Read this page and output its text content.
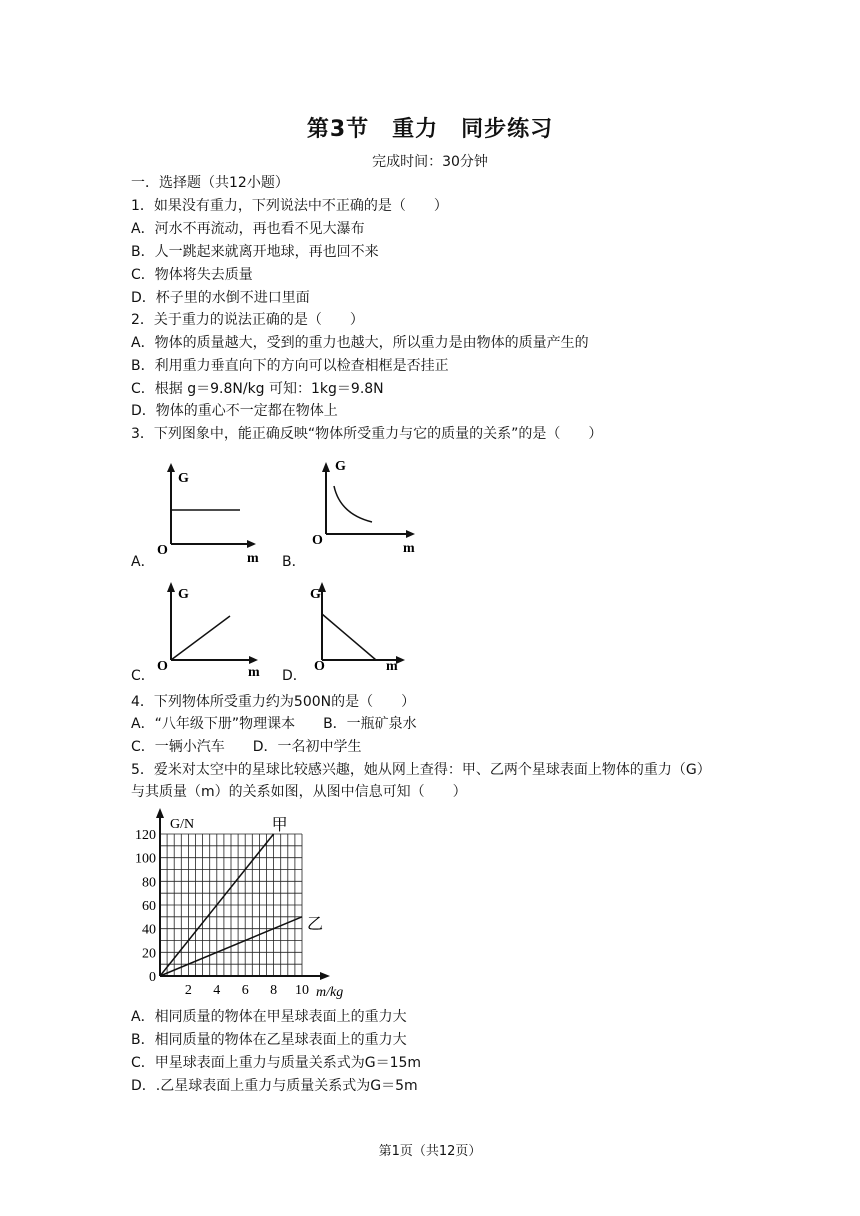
第3节　重力　同步练习
完成时间：30分钟
一．选择题（共12小题）
1．如果没有重力，下列说法中不正确的是（　　）
A．河水不再流动，再也看不见大瀑布
B．人一跳起来就离开地球，再也回不来
C．物体将失去质量
D．杯子里的水倒不进口里面
2．关于重力的说法正确的是（　　）
A．物体的质量越大，受到的重力也越大，所以重力是由物体的质量产生的
B．利用重力垂直向下的方向可以检查相框是否挂正
C．根据 g＝9.8N/kg 可知：1kg＝9.8N
D．物体的重心不一定都在物体上
3．下列图象中，能正确反映“物体所受重力与它的质量的关系”的是（　　）
G
O
m
A．
G
O
m
B．
G
O	m
C．
G
O	m
D．
4．下列物体所受重力约为500N的是（　　）
A．“八年级下册”物理课本　　B．一瓶矿泉水
C．一辆小汽车　　D．一名初中学生
5．爱米对太空中的星球比较感兴趣，她从网上查得：甲、乙两个星球表面上物体的重力（G）
与其质量（m）的关系如图，从图中信息可知（　　）
0
20
40
60
80
100
120
2 4 6 8 10
甲
乙
G/N
m/kg
A．相同质量的物体在甲星球表面上的重力大
B．相同质量的物体在乙星球表面上的重力大
C．甲星球表面上重力与质量关系式为G＝15m
D．.乙星球表面上重力与质量关系式为G＝5m
第1页（共12页）
